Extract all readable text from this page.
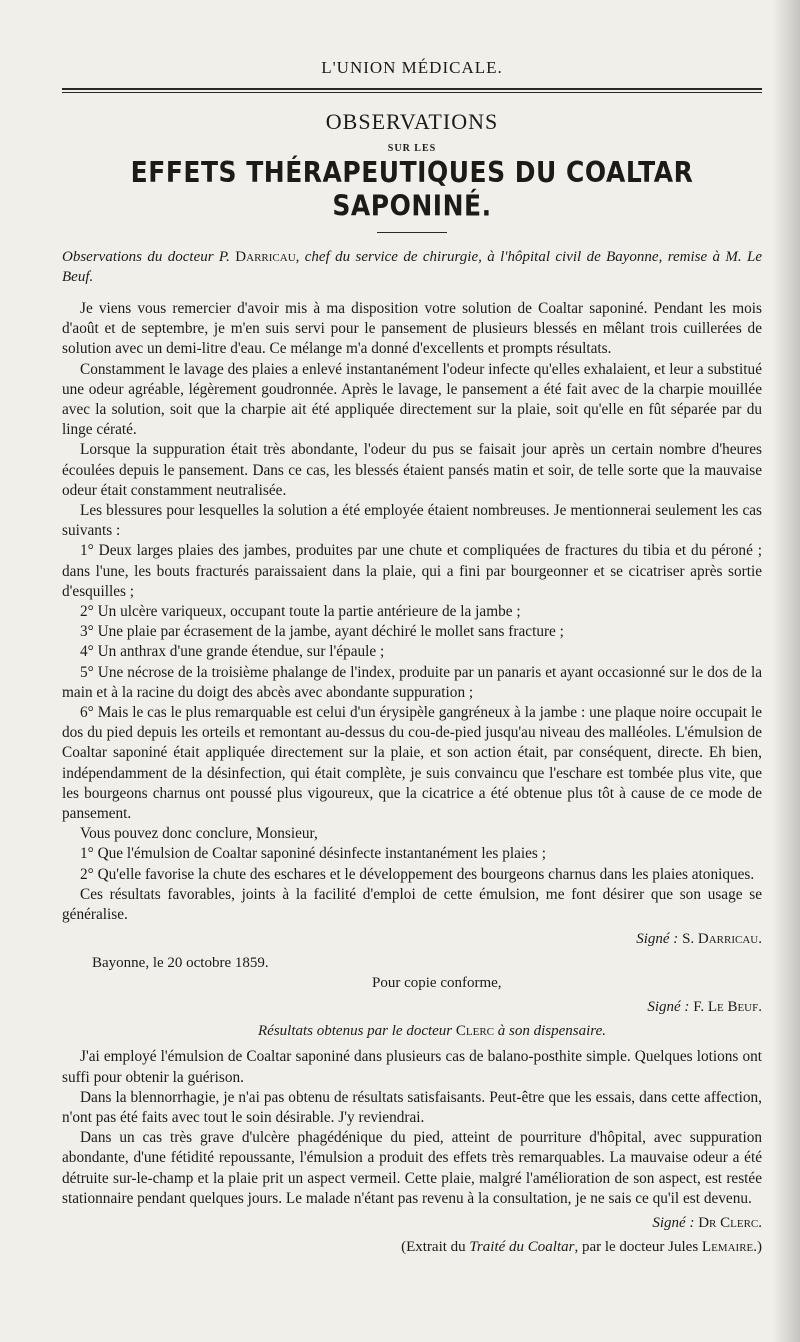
L'UNION MÉDICALE.
OBSERVATIONS
SUR LES
EFFETS THÉRAPEUTIQUES DU COALTAR SAPONINÉ.
Observations du docteur P. Darricau, chef du service de chirurgie, à l'hôpital civil de Bayonne, remise à M. Le Beuf.

Je viens vous remercier d'avoir mis à ma disposition votre solution de Coaltar saponiné. Pendant les mois d'août et de septembre, je m'en suis servi pour le pansement de plusieurs blessés en mêlant trois cuillerées de solution avec un demi-litre d'eau. Ce mélange m'a donné d'excellents et prompts résultats.

Constamment le lavage des plaies a enlevé instantanément l'odeur infecte qu'elles exhalaient, et leur a substitué une odeur agréable, légèrement goudronnée. Après le lavage, le pansement a été fait avec de la charpie mouillée avec la solution, soit que la charpie ait été appliquée directement sur la plaie, soit qu'elle en fût séparée par du linge cératé.

Lorsque la suppuration était très abondante, l'odeur du pus se faisait jour après un certain nombre d'heures écoulées depuis le pansement. Dans ce cas, les blessés étaient pansés matin et soir, de telle sorte que la mauvaise odeur était constamment neutralisée.

Les blessures pour lesquelles la solution a été employée étaient nombreuses. Je mentionnerai seulement les cas suivants :

1° Deux larges plaies des jambes, produites par une chute et compliquées de fractures du tibia et du péroné ; dans l'une, les bouts fracturés paraissaient dans la plaie, qui a fini par bourgeonner et se cicatriser après sortie d'esquilles ;

2° Un ulcère variqueux, occupant toute la partie antérieure de la jambe ;

3° Une plaie par écrasement de la jambe, ayant déchiré le mollet sans fracture ;

4° Un anthrax d'une grande étendue, sur l'épaule ;

5° Une nécrose de la troisième phalange de l'index, produite par un panaris et ayant occasionné sur le dos de la main et à la racine du doigt des abcès avec abondante suppuration ;

6° Mais le cas le plus remarquable est celui d'un érysipèle gangréneux à la jambe : une plaque noire occupait le dos du pied depuis les orteils et remontant au-dessus du cou-de-pied jusqu'au niveau des malléoles. L'émulsion de Coaltar saponiné était appliquée directement sur la plaie, et son action était, par conséquent, directe. Eh bien, indépendamment de la désinfection, qui était complète, je suis convaincu que l'eschare est tombée plus vite, que les bourgeons charnus ont poussé plus vigoureux, que la cicatrice a été obtenue plus tôt à cause de ce mode de pansement.

Vous pouvez donc conclure, Monsieur,

1° Que l'émulsion de Coaltar saponiné désinfecte instantanément les plaies ;

2° Qu'elle favorise la chute des eschares et le développement des bourgeons charnus dans les plaies atoniques.

Ces résultats favorables, joints à la facilité d'emploi de cette émulsion, me font désirer que son usage se généralise.

Signé : S. Darricau.
Bayonne, le 20 octobre 1859.
Pour copie conforme,
Signé : F. Le Beuf.
Résultats obtenus par le docteur Clerc à son dispensaire.

J'ai employé l'émulsion de Coaltar saponiné dans plusieurs cas de balano-posthite simple. Quelques lotions ont suffi pour obtenir la guérison.

Dans la blennorrhagie, je n'ai pas obtenu de résultats satisfaisants. Peut-être que les essais, dans cette affection, n'ont pas été faits avec tout le soin désirable. J'y reviendrai.

Dans un cas très grave d'ulcère phagédénique du pied, atteint de pourriture d'hôpital, avec suppuration abondante, d'une fétidité repoussante, l'émulsion a produit des effets très remarquables. La mauvaise odeur a été détruite sur-le-champ et la plaie prit un aspect vermeil. Cette plaie, malgré l'amélioration de son aspect, est restée stationnaire pendant quelques jours. Le malade n'étant pas revenu à la consultation, je ne sais ce qu'il est devenu.

Signé : Dr Clerc.
(Extrait du Traité du Coaltar, par le docteur Jules Lemaire.)
